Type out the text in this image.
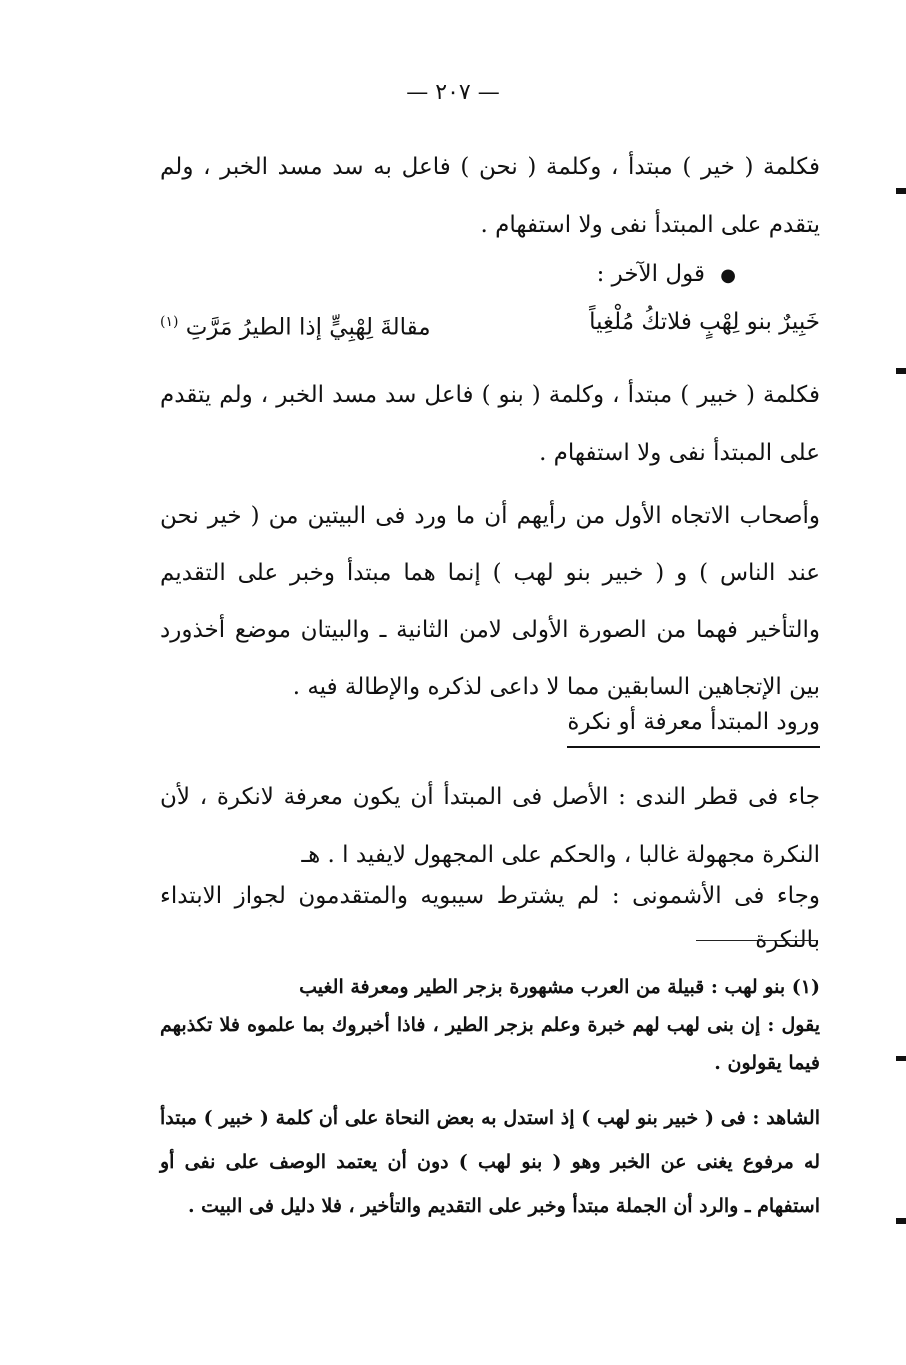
— ٢٠٧ —

فكلمة ( خير ) مبتدأ ، وكلمة ( نحن ) فاعل به سد مسد الخبر ، ولم يتقدم على المبتدأ نفى ولا استفهام .

● قول الآخر :
خَبِيرٌ بنو لِهْبٍ فلاتكُ مُلْغِياً
مقالةَ لِهْبِيٍّ إذا الطيرُ مَرَّتِ $^{(١)}$

فكلمة ( خبير ) مبتدأ ، وكلمة ( بنو ) فاعل سد مسد الخبر ، ولم يتقدم على المبتدأ نفى ولا استفهام .

وأصحاب الاتجاه الأول من رأيهم أن ما ورد فى البيتين من ( خير نحن عند الناس ) و ( خبير بنو لهب ) إنما هما مبتدأ وخبر على التقديم والتأخير فهما من الصورة الأولى لامن الثانية ـ والبيتان موضع أخذورد بين الإتجاهين السابقين مما لا داعى لذكره والإطالة فيه .

ورود المبتدأ معرفة أو نكرة

جاء فى قطر الندى : الأصل فى المبتدأ أن يكون معرفة لانكرة ، لأن النكرة مجهولة غالبا ، والحكم على المجهول لايفيد ا . هـ

وجاء فى الأشمونى : لم يشترط سيبويه والمتقدمون لجواز الابتداء بالنكرة

(١) بنو لهب : قبيلة من العرب مشهورة بزجر الطير ومعرفة الغيب

يقول : إن بنى لهب لهم خبرة وعلم بزجر الطير ، فاذا أخبروك بما علموه فلا تكذبهم فيما يقولون .

الشاهد : فى ( خبير بنو لهب ) إذ استدل به بعض النحاة على أن كلمة ( خبير ) مبتدأ له مرفوع يغنى عن الخبر وهو ( بنو لهب ) دون أن يعتمد الوصف على نفى أو استفهام ـ والرد أن الجملة مبتدأ وخبر على التقديم والتأخير ، فلا دليل فى البيت .
